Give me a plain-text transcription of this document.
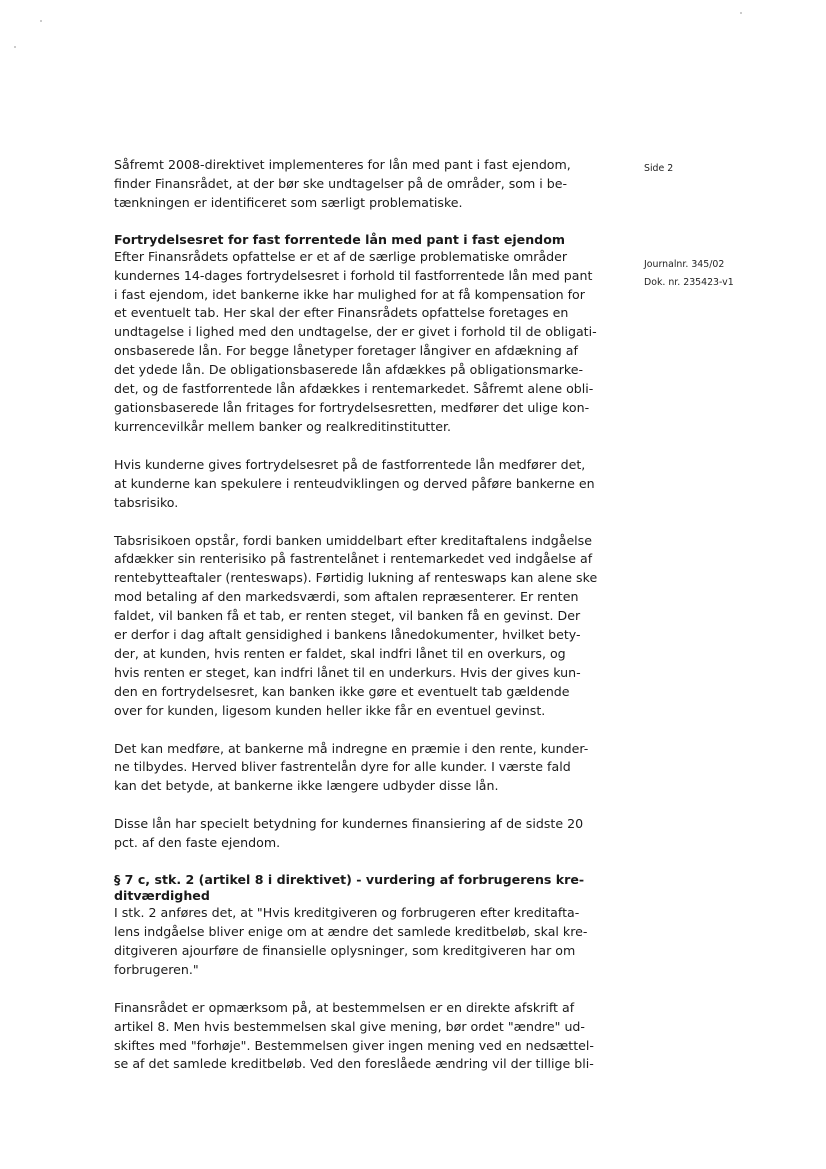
Side 2
Journalnr. 345/02
Dok. nr. 235423-v1

Såfremt 2008-direktivet implementeres for lån med pant i fast ejendom,
finder Finansrådet, at der bør ske undtagelser på de områder, som i be-
tænkningen er identificeret som særligt problematiske.

Fortrydelsesret for fast forrentede lån med pant i fast ejendom

Efter Finansrådets opfattelse er et af de særlige problematiske områder
kundernes 14-dages fortrydelsesret i forhold til fastforrentede lån med pant
i fast ejendom, idet bankerne ikke har mulighed for at få kompensation for
et eventuelt tab. Her skal der efter Finansrådets opfattelse foretages en
undtagelse i lighed med den undtagelse, der er givet i forhold til de obligati-
onsbaserede lån. For begge lånetyper foretager långiver en afdækning af
det ydede lån. De obligationsbaserede lån afdækkes på obligationsmarke-
det, og de fastforrentede lån afdækkes i rentemarkedet. Såfremt alene obli-
gationsbaserede lån fritages for fortrydelsesretten, medfører det ulige kon-
kurrencevilkår mellem banker og realkreditinstitutter.

Hvis kunderne gives fortrydelsesret på de fastforrentede lån medfører det,
at kunderne kan spekulere i renteudviklingen og derved påføre bankerne en
tabsrisiko.

Tabsrisikoen opstår, fordi banken umiddelbart efter kreditaftalens indgåelse
afdækker sin renterisiko på fastrentelånet i rentemarkedet ved indgåelse af
rentebytteaftaler (renteswaps). Førtidig lukning af renteswaps kan alene ske
mod betaling af den markedsværdi, som aftalen repræsenterer. Er renten
faldet, vil banken få et tab, er renten steget, vil banken få en gevinst. Der
er derfor i dag aftalt gensidighed i bankens lånedokumenter, hvilket bety-
der, at kunden, hvis renten er faldet, skal indfri lånet til en overkurs, og
hvis renten er steget, kan indfri lånet til en underkurs. Hvis der gives kun-
den en fortrydelsesret, kan banken ikke gøre et eventuelt tab gældende
over for kunden, ligesom kunden heller ikke får en eventuel gevinst.

Det kan medføre, at bankerne må indregne en præmie i den rente, kunder-
ne tilbydes. Herved bliver fastrentelån dyre for alle kunder. I værste fald
kan det betyde, at bankerne ikke længere udbyder disse lån.

Disse lån har specielt betydning for kundernes finansiering af de sidste 20
pct. af den faste ejendom.

§ 7 c, stk. 2 (artikel 8 i direktivet) - vurdering af forbrugerens kre-
ditværdighed

I stk. 2 anføres det, at "Hvis kreditgiveren og forbrugeren efter kreditafta-
lens indgåelse bliver enige om at ændre det samlede kreditbeløb, skal kre-
ditgiveren ajourføre de finansielle oplysninger, som kreditgiveren har om
forbrugeren."

Finansrådet er opmærksom på, at bestemmelsen er en direkte afskrift af
artikel 8. Men hvis bestemmelsen skal give mening, bør ordet "ændre" ud-
skiftes med "forhøje". Bestemmelsen giver ingen mening ved en nedsættel-
se af det samlede kreditbeløb. Ved den foreslåede ændring vil der tillige bli-
